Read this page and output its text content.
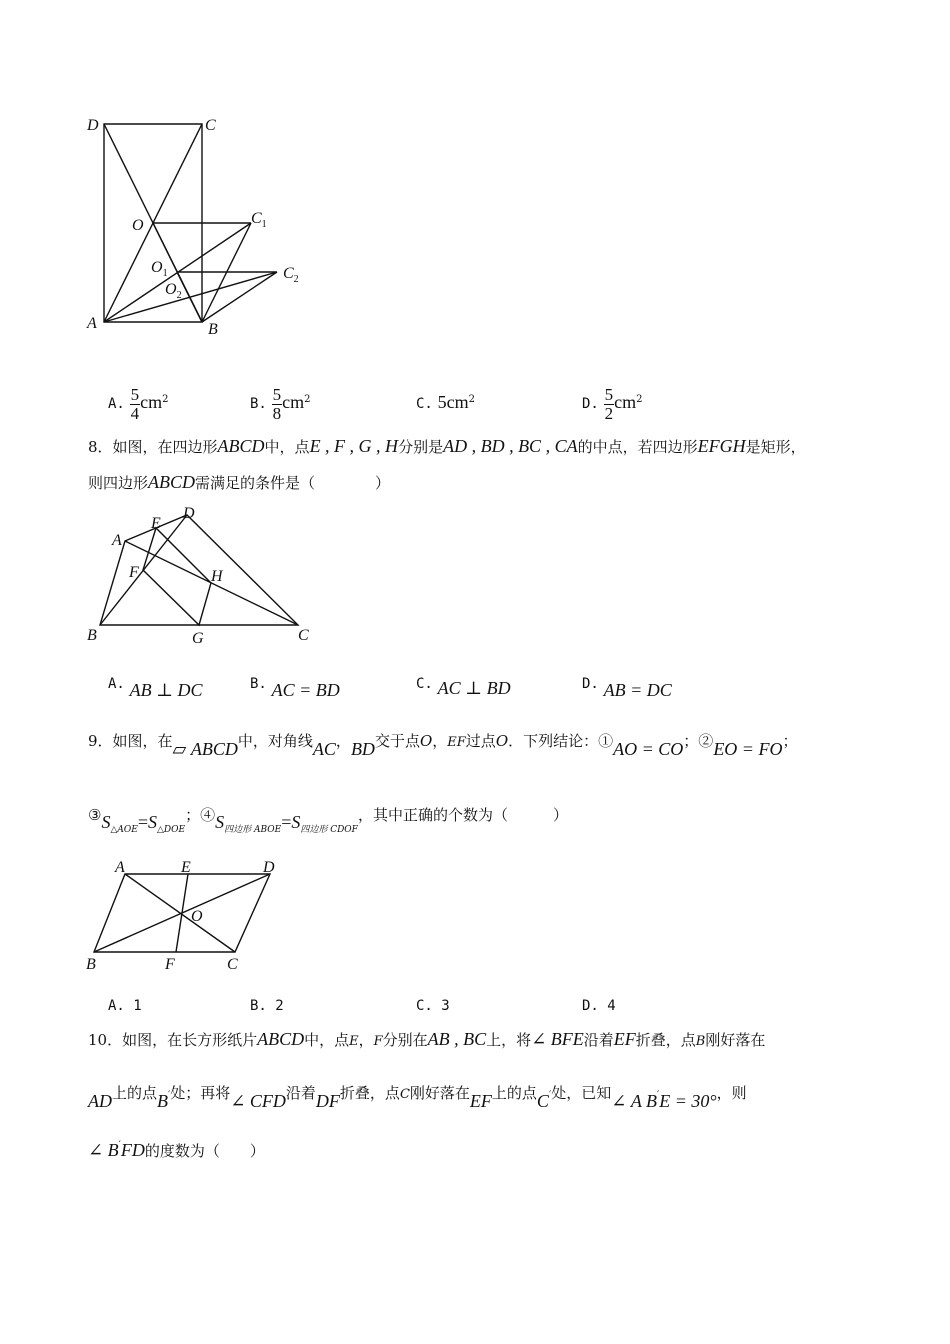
D	C
O	$C_1$
$O_1$	$C_2$
$O_2$
A	B
A. $\frac{5}{4} cm^2$	B. $\frac{5}{8} cm^2$	C. $5cm^2$	D. $\frac{5}{2} cm^2$
8．如图，在四边形ABCD中，点E , F , G , H分别是AD , BD , BC , CA的中点，若四边形EFGH是矩形，
则四边形ABCD需满足的条件是（　　　　）
A
E
D
F	H
B	G	C
A. AB ⊥ DC	B. AC = BD	C. AC ⊥ BD	D. AB = DC
9．如图，在▱ ABCD中，对角线AC，BD交于点O，EF过点O．下列结论：①AO = CO；②EO = FO；
$③S_{\triangle AOE}=S_{\triangle DOE}$；$④S_{四边形 ABOE}=S_{四边形 CDOF}$，其中正确的个数为（　　　）
A	E	D
O
B	F	C
A. 1	B. 2	C. 3	D. 4
10．如图，在长方形纸片ABCD中，点E，F分别在AB , BC上，将∠ BFE沿着EF折叠，点B刚好落在
AD上的点B′处；再将∠ CFD沿着DF折叠，点C刚好落在EF上的点C′处，已知∠ A B′E = 30°，则
∠ B′FD的度数为（　　）
